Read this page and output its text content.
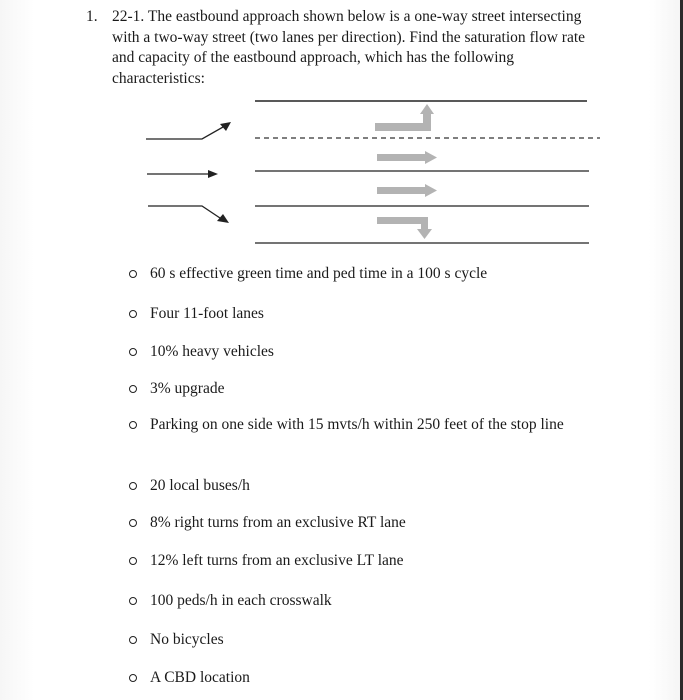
1. 22-1. The eastbound approach shown below is a one-way street intersecting with a two-way street (two lanes per direction). Find the saturation flow rate and capacity of the eastbound approach, which has the following characteristics:
60 s effective green time and ped time in a 100 s cycle
Four 11-foot lanes
10% heavy vehicles
3% upgrade
Parking on one side with 15 mvts/h within 250 feet of the stop line
20 local buses/h
8% right turns from an exclusive RT lane
12% left turns from an exclusive LT lane
100 peds/h in each crosswalk
No bicycles
A CBD location
